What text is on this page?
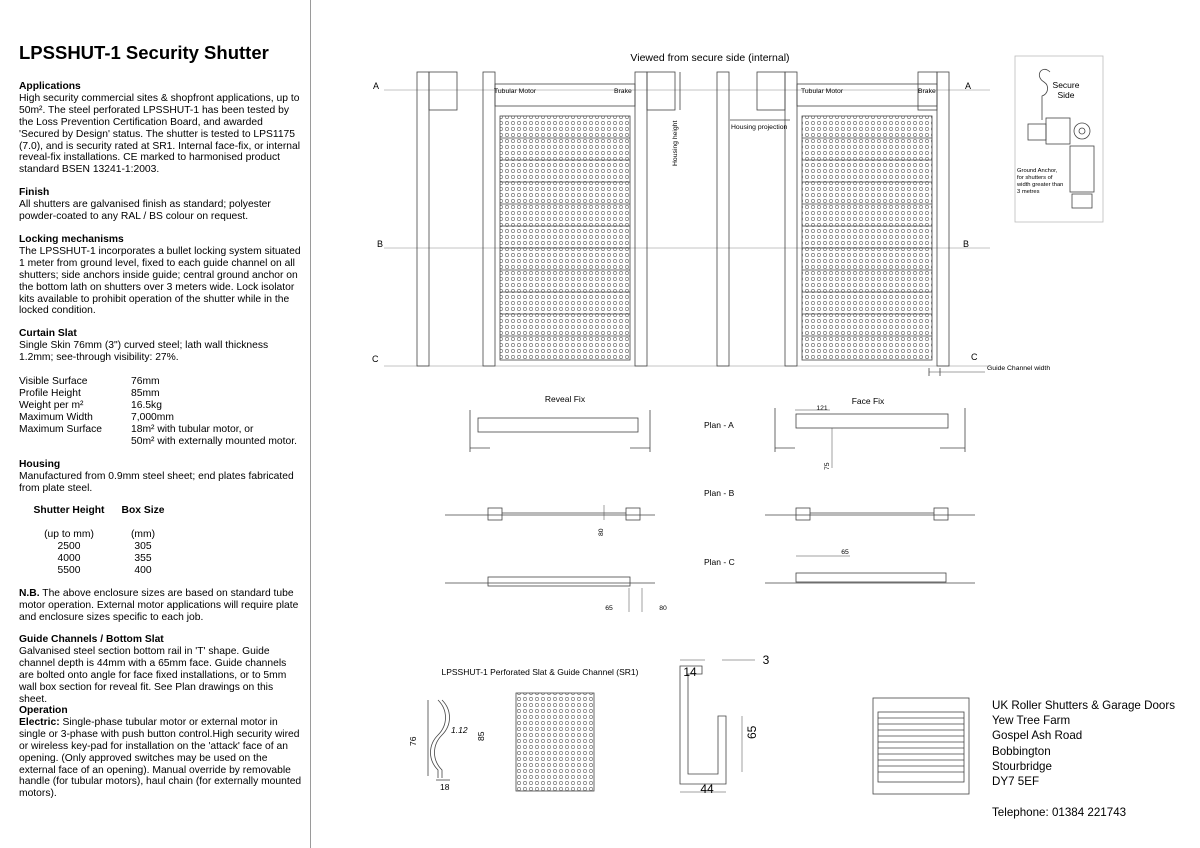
LPSSHUT-1 Security Shutter
Applications

High security commercial sites & shopfront applications, up to 50m². The steel perforated LPSSHUT-1 has been tested by the Loss Prevention Certification Board, and awarded 'Secured by Design' status. The shutter is tested to LPS1175 (7.0), and is security rated at SR1. Internal face-fix, or internal reveal-fix installations. CE marked to harmonised product standard BSEN 13241-1:2003.

Finish

All shutters are galvanised finish as standard; polyester powder-coated to any RAL / BS colour on request.

Locking mechanisms

The LPSSHUT-1 incorporates a bullet locking system situated 1 meter from ground level, fixed to each guide channel on all shutters; side anchors inside guide; central ground anchor on the bottom lath on shutters over 3 meters wide. Lock isolator kits available to prohibit operation of the shutter while in the locked condition.

Curtain Slat

Single Skin 76mm (3") curved steel; lath wall thickness 1.2mm; see-through visibility: 27%.

Visible Surface	76mm
Profile Height	85mm
Weight per m²	16.5kg
Maximum Width	7,000mm
Maximum Surface	18m² with tubular motor, or
50m² with externally mounted motor.
Housing

Manufactured from 0.9mm steel sheet; end plates fabricated from plate steel.

Shutter Height	Box Size
(up to mm)	(mm)
2500	305
4000	355
5500	400

N.B. The above enclosure sizes are based on standard tube motor operation. External motor applications will require plate and enclosure sizes specific to each job.

Guide Channels / Bottom Slat

Galvanised steel section bottom rail in 'T' shape. Guide channel depth is 44mm with a 65mm face. Guide channels are bolted onto angle for face fixed installations, or to 5mm wall box section for reveal fit. See Plan drawings on this sheet.

Operation

Electric: Single-phase tubular motor or external motor in single or 3-phase with push button control.High security wired or wireless key-pad for installation on the 'attack' face of an opening. (Only approved switches may be used on the external face of an opening). Manual override by removable handle (for tubular motors), haul chain (for externally mounted motors).

Viewed from secure side (internal)
A	A
B	B
C	C
Tubular Motor	Brake	Tubular Motor	Brake
Housing height	Housing projection
Guide Channel width
Secure
Side
Ground Anchor,
for shutters of
width greater than
3 metres
Reveal Fix	Face Fix
Plan - A
Plan - B
Plan - C
121
75
80
65
65	80
LPSSHUT-1 Perforated Slat & Guide Channel (SR1)
76
1.12
85
18
14
3
65
44
UK Roller Shutters & Garage Doors
Yew Tree Farm
Gospel Ash Road
Bobbington
Stourbridge
DY7 5EF
Telephone: 01384 221743
